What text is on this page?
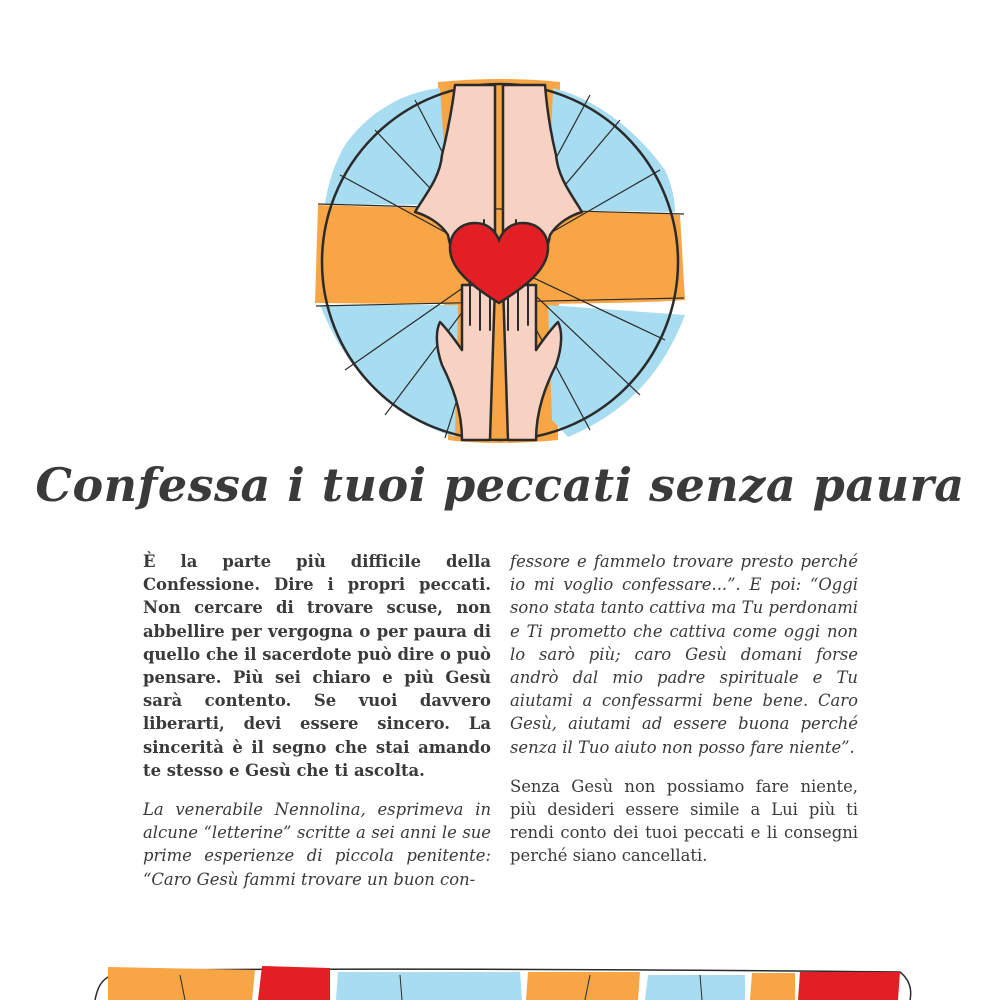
Confessa i tuoi peccati senza paura

È la parte più difficile della Confessione. Dire i propri peccati. Non cercare di trovare scuse, non abbellire per vergogna o per paura di quello che il sacerdote può dire o può pensare. Più sei chiaro e più Gesù sarà contento. Se vuoi davvero liberarti, devi essere sincero. La sincerità è il segno che stai amando te stesso e Gesù che ti ascolta.

La venerabile Nennolina, esprimeva in alcune “letterine” scritte a sei anni le sue prime esperienze di piccola penitente: “Caro Gesù fammi trovare un buon con-

fessore e fammelo trovare presto perché io mi voglio confessare...”. E poi: “Oggi sono stata tanto cattiva ma Tu perdonami e Ti prometto che cattiva come oggi non lo sarò più; caro Gesù domani forse andrò dal mio padre spirituale e Tu aiutami a confessarmi bene bene. Caro Gesù, aiutami ad essere buona perché senza il Tuo aiuto non posso fare niente”.

Senza Gesù non possiamo fare niente, più desideri essere simile a Lui più ti rendi conto dei tuoi peccati e li consegni perché siano cancellati.
